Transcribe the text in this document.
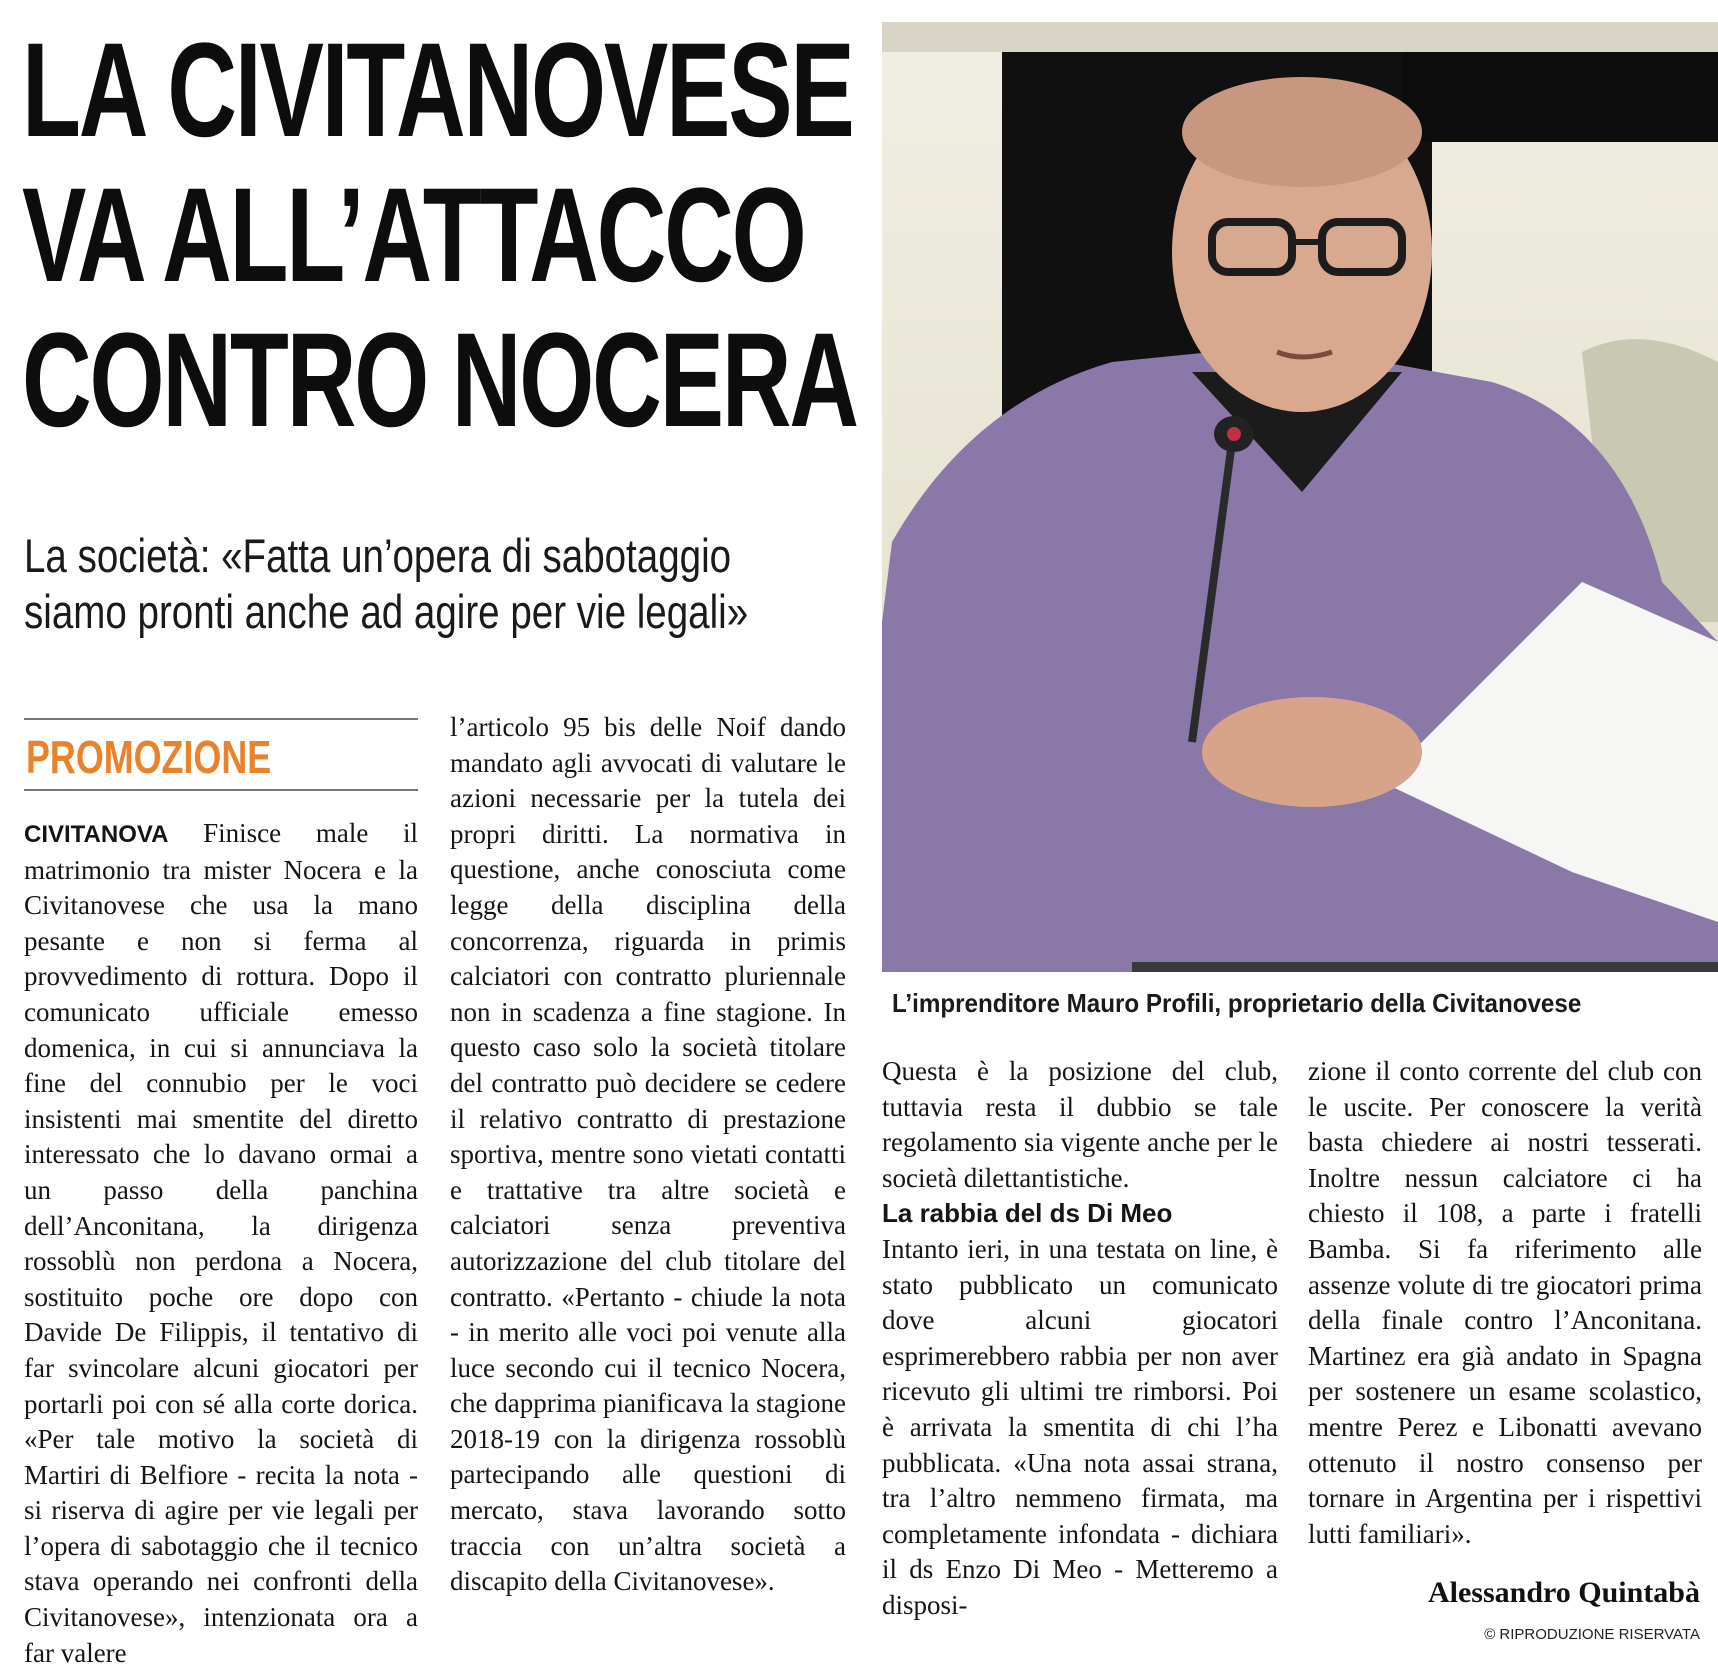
LA CIVITANOVESE
VA ALL’ATTACCO
CONTRO NOCERA
La società: «Fatta un’opera di sabotaggio
siamo pronti anche ad agire per vie legali»
PROMOZIONE

CIVITANOVA Finisce male il matrimonio tra mister Nocera e la Civitanovese che usa la mano pesante e non si ferma al provvedimento di rottura. Dopo il comunicato ufficiale emesso domenica, in cui si annunciava la fine del connubio per le voci insistenti mai smentite del diretto interessato che lo davano ormai a un passo della panchina dell’Anconitana, la dirigenza rossoblù non perdona a Nocera, sostituito poche ore dopo con Davide De Filippis, il tentativo di far svincolare alcuni giocatori per portarli poi con sé alla corte dorica. «Per tale motivo la società di Martiri di Belfiore - recita la nota - si riserva di agire per vie legali per l’opera di sabotaggio che il tecnico stava operando nei confronti della Civitanovese», intenzionata ora a far valere

l’articolo 95 bis delle Noif dando mandato agli avvocati di valutare le azioni necessarie per la tutela dei propri diritti. La normativa in questione, anche conosciuta come legge della disciplina della concorrenza, riguarda in primis calciatori con contratto pluriennale non in scadenza a fine stagione. In questo caso solo la società titolare del contratto può decidere se cedere il relativo contratto di prestazione sportiva, mentre sono vietati contatti e trattative tra altre società e calciatori senza preventiva autorizzazione del club titolare del contratto. «Pertanto - chiude la nota - in merito alle voci poi venute alla luce secondo cui il tecnico Nocera, che dapprima pianificava la stagione 2018-19 con la dirigenza rossoblù partecipando alle questioni di mercato, stava lavorando sotto traccia con un’altra società a discapito della Civitanovese».

L’imprenditore Mauro Profili, proprietario della Civitanovese

Questa è la posizione del club, tuttavia resta il dubbio se tale regolamento sia vigente anche per le società dilettantistiche.

La rabbia del ds Di Meo

Intanto ieri, in una testata on line, è stato pubblicato un comunicato dove alcuni giocatori esprimerebbero rabbia per non aver ricevuto gli ultimi tre rimborsi. Poi è arrivata la smentita di chi l’ha pubblicata. «Una nota assai strana, tra l’altro nemmeno firmata, ma completamente infondata - dichiara il ds Enzo Di Meo - Metteremo a disposi-

zione il conto corrente del club con le uscite. Per conoscere la verità basta chiedere ai nostri tesserati. Inoltre nessun calciatore ci ha chiesto il 108, a parte i fratelli Bamba. Si fa riferimento alle assenze volute di tre giocatori prima della finale contro l’Anconitana. Martinez era già andato in Spagna per sostenere un esame scolastico, mentre Perez e Libonatti avevano ottenuto il nostro consenso per tornare in Argentina per i rispettivi lutti familiari».

Alessandro Quintabà
© RIPRODUZIONE RISERVATA
